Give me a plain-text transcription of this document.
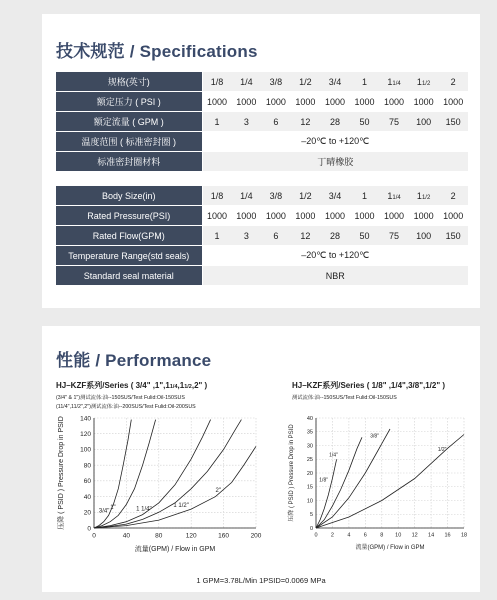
技术规范 / Specifications
规格(英寸)	1/8	1/4	3/8	1/2	3/4	1	11/4	11/2	2
额定压力 ( PSI )	1000	1000	1000	1000	1000	1000	1000	1000	1000
额定流量 ( GPM )	1	3	6	12	28	50	75	100	150
温度范围 ( 标准密封圈 )	–20℃ to +120℃								
标准密封圈材料	丁晴橡胶								
Body Size(in)	1/8	1/4	3/8	1/2	3/4	1	11/4	11/2	2
Rated Pressure(PSI)	1000	1000	1000	1000	1000	1000	1000	1000	1000
Rated Flow(GPM)	1	3	6	12	28	50	75	100	150
Temperature Range(std seals)	–20℃ to +120℃								
Standard seal material	NBR								
性能 / Performance
HJ–KZF系列/Series ( 3/4" ,1",11/4,11/2,2" )
(3/4" & 1")测试流体:油--150SUS/Test Fulid:Oil-150SUS
(11/4",11/2",2")测试流体:油--200SUS/Test Fulid:Oil-200SUS
HJ–KZF系列/Series ( 1/8" ,1/4",3/8",1/2" )
测试流体:油--150SUS/Test Fulid:Oil-150SUS
0	40	80	120	160	200
0
20
40
60
80
100
120
140
3/4"
1"	1 1/4"
1 1/2"
2"
流量(GPM) / Flow in GPM
压降 ( PSID ) Pressure Drop in PSID
0 2 4 6 8 10 12 14 16 18
0
5
10
15
20
25
30
35
40
1/8"
1/4"
3/8"
1/2"
流量(GPM) / Flow in GPM
压降 ( PSID ) Pressure Drop in PSID
1 GPM=3.78L/Min 1PSID=0.0069 MPa
